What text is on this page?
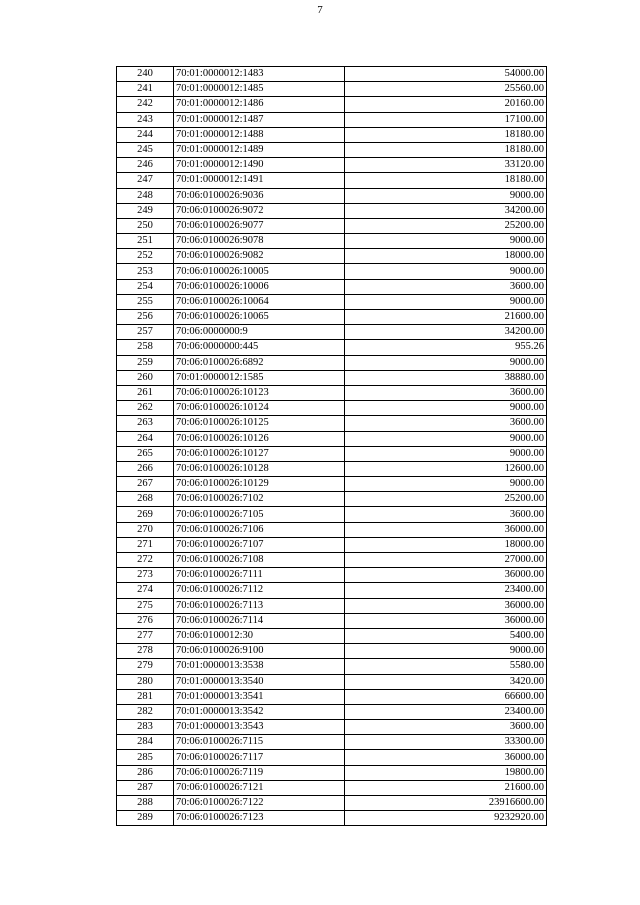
7
240	70:01:0000012:1483	54000.00
241	70:01:0000012:1485	25560.00
242	70:01:0000012:1486	20160.00
243	70:01:0000012:1487	17100.00
244	70:01:0000012:1488	18180.00
245	70:01:0000012:1489	18180.00
246	70:01:0000012:1490	33120.00
247	70:01:0000012:1491	18180.00
248	70:06:0100026:9036	9000.00
249	70:06:0100026:9072	34200.00
250	70:06:0100026:9077	25200.00
251	70:06:0100026:9078	9000.00
252	70:06:0100026:9082	18000.00
253	70:06:0100026:10005	9000.00
254	70:06:0100026:10006	3600.00
255	70:06:0100026:10064	9000.00
256	70:06:0100026:10065	21600.00
257	70:06:0000000:9	34200.00
258	70:06:0000000:445	955.26
259	70:06:0100026:6892	9000.00
260	70:01:0000012:1585	38880.00
261	70:06:0100026:10123	3600.00
262	70:06:0100026:10124	9000.00
263	70:06:0100026:10125	3600.00
264	70:06:0100026:10126	9000.00
265	70:06:0100026:10127	9000.00
266	70:06:0100026:10128	12600.00
267	70:06:0100026:10129	9000.00
268	70:06:0100026:7102	25200.00
269	70:06:0100026:7105	3600.00
270	70:06:0100026:7106	36000.00
271	70:06:0100026:7107	18000.00
272	70:06:0100026:7108	27000.00
273	70:06:0100026:7111	36000.00
274	70:06:0100026:7112	23400.00
275	70:06:0100026:7113	36000.00
276	70:06:0100026:7114	36000.00
277	70:06:0100012:30	5400.00
278	70:06:0100026:9100	9000.00
279	70:01:0000013:3538	5580.00
280	70:01:0000013:3540	3420.00
281	70:01:0000013:3541	66600.00
282	70:01:0000013:3542	23400.00
283	70:01:0000013:3543	3600.00
284	70:06:0100026:7115	33300.00
285	70:06:0100026:7117	36000.00
286	70:06:0100026:7119	19800.00
287	70:06:0100026:7121	21600.00
288	70:06:0100026:7122	23916600.00
289	70:06:0100026:7123	9232920.00
